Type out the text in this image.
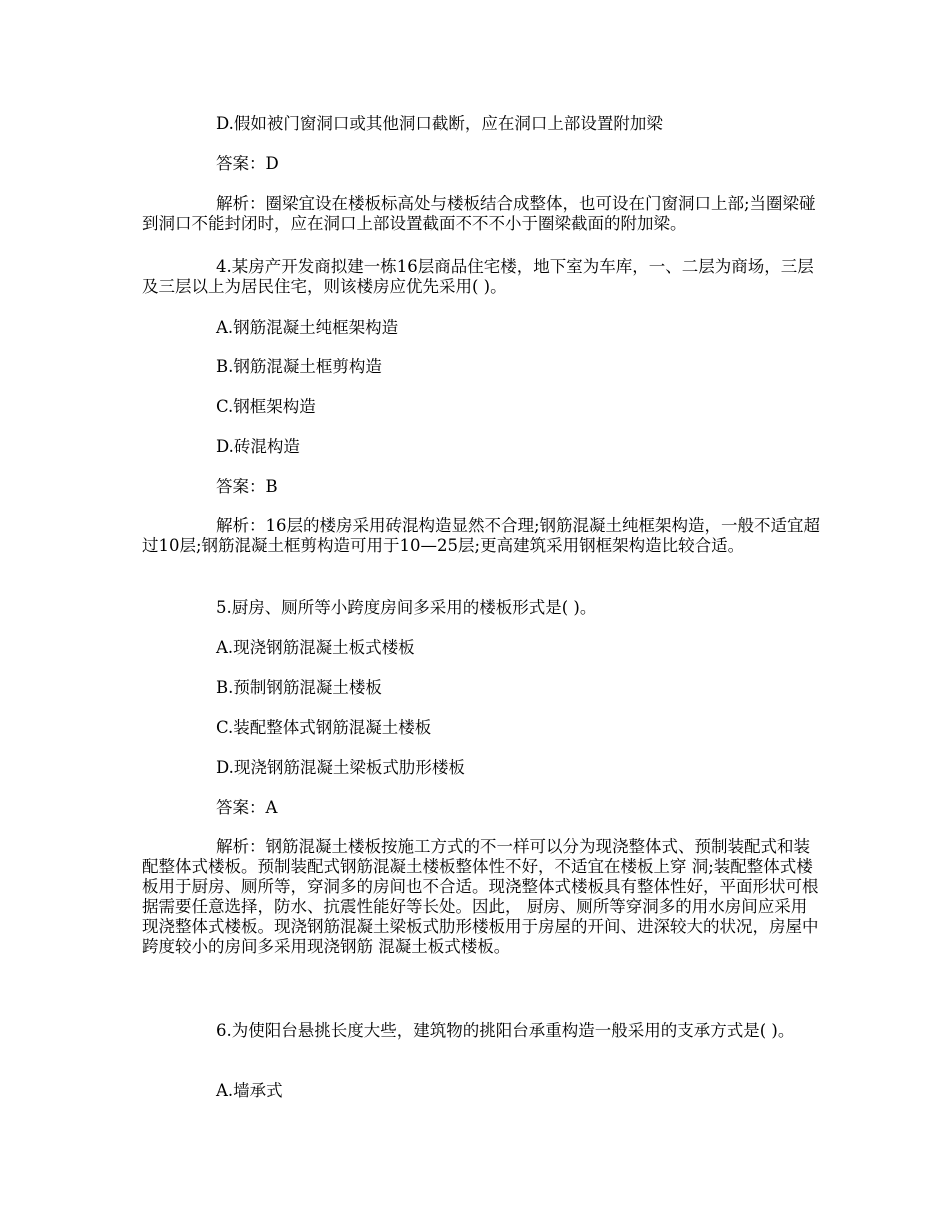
D.假如被门窗洞口或其他洞口截断，应在洞口上部设置附加梁

答案：D

解析：圈梁宜设在楼板标高处与楼板结合成整体，也可设在门窗洞口上部;当圈梁碰到洞口不能封闭时，应在洞口上部设置截面不不不小于圈梁截面的附加梁。

4.某房产开发商拟建一栋16层商品住宅楼，地下室为车库，一、二层为商场，三层及三层以上为居民住宅，则该楼房应优先采用( )。

A.钢筋混凝土纯框架构造

B.钢筋混凝土框剪构造

C.钢框架构造

D.砖混构造

答案：B

解析：16层的楼房采用砖混构造显然不合理;钢筋混凝土纯框架构造，一般不适宜超过10层;钢筋混凝土框剪构造可用于10—25层;更高建筑采用钢框架构造比较合适。

5.厨房、厕所等小跨度房间多采用的楼板形式是( )。

A.现浇钢筋混凝土板式楼板

B.预制钢筋混凝土楼板

C.装配整体式钢筋混凝土楼板

D.现浇钢筋混凝土梁板式肋形楼板

答案：A

解析：钢筋混凝土楼板按施工方式的不一样可以分为现浇整体式、预制装配式和装配整体式楼板。预制装配式钢筋混凝土楼板整体性不好，不适宜在楼板上穿 洞;装配整体式楼板用于厨房、厕所等，穿洞多的房间也不合适。现浇整体式楼板具有整体性好，平面形状可根据需要任意选择，防水、抗震性能好等长处。因此， 厨房、厕所等穿洞多的用水房间应采用现浇整体式楼板。现浇钢筋混凝土梁板式肋形楼板用于房屋的开间、进深较大的状况，房屋中跨度较小的房间多采用现浇钢筋 混凝土板式楼板。

6.为使阳台悬挑长度大些，建筑物的挑阳台承重构造一般采用的支承方式是( )。

A.墙承式
